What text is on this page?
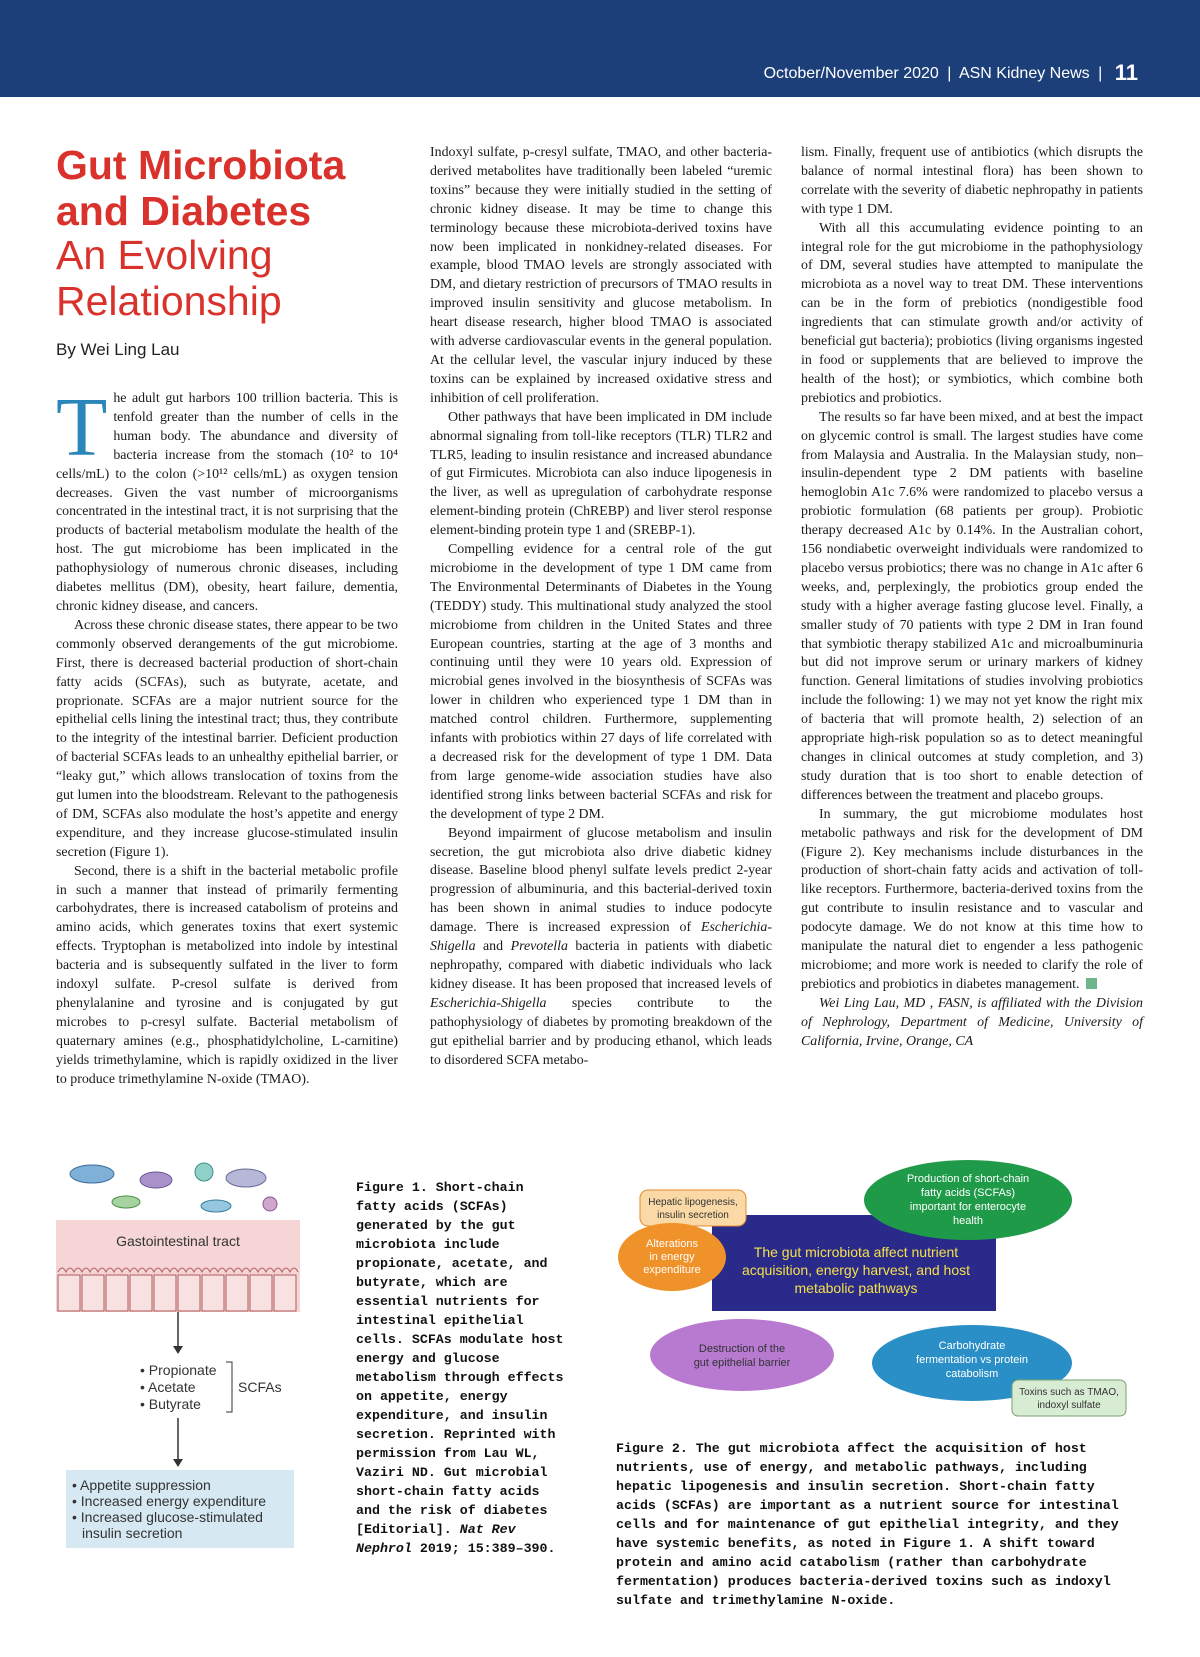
October/November 2020 | ASN Kidney News | 11
Gut Microbiota
and Diabetes
An Evolving
Relationship
By Wei Ling Lau

The adult gut harbors 100 trillion bacteria. This is tenfold greater than the number of cells in the human body. The abundance and diversity of bacteria increase from the stomach (10² to 10⁴ cells/mL) to the colon (>10¹² cells/mL) as oxygen tension decreases. Given the vast number of microorganisms concentrated in the intestinal tract, it is not surprising that the products of bacterial metabolism modulate the health of the host. The gut microbiome has been implicated in the pathophysiology of numerous chronic diseases, including diabetes mellitus (DM), obesity, heart failure, dementia, chronic kidney disease, and cancers.

Across these chronic disease states, there appear to be two commonly observed derangements of the gut microbiome. First, there is decreased bacterial production of short-chain fatty acids (SCFAs), such as butyrate, acetate, and proprionate. SCFAs are a major nutrient source for the epithelial cells lining the intestinal tract; thus, they contribute to the integrity of the intestinal barrier. Deficient production of bacterial SCFAs leads to an unhealthy epithelial barrier, or “leaky gut,” which allows translocation of toxins from the gut lumen into the bloodstream. Relevant to the pathogenesis of DM, SCFAs also modulate the host’s appetite and energy expenditure, and they increase glucose-stimulated insulin secretion (Figure 1).

Second, there is a shift in the bacterial metabolic profile in such a manner that instead of primarily fermenting carbohydrates, there is increased catabolism of proteins and amino acids, which generates toxins that exert systemic effects. Tryptophan is metabolized into indole by intestinal bacteria and is subsequently sulfated in the liver to form indoxyl sulfate. P-cresol sulfate is derived from phenylalanine and tyrosine and is conjugated by gut microbes to p-cresyl sulfate. Bacterial metabolism of quaternary amines (e.g., phosphatidylcholine, L-carnitine) yields trimethylamine, which is rapidly oxidized in the liver to produce trimethylamine N-oxide (TMAO).

Indoxyl sulfate, p-cresyl sulfate, TMAO, and other bacteria-derived metabolites have traditionally been labeled “uremic toxins” because they were initially studied in the setting of chronic kidney disease. It may be time to change this terminology because these microbiota-derived toxins have now been implicated in nonkidney-related diseases. For example, blood TMAO levels are strongly associated with DM, and dietary restriction of precursors of TMAO results in improved insulin sensitivity and glucose metabolism. In heart disease research, higher blood TMAO is associated with adverse cardiovascular events in the general population. At the cellular level, the vascular injury induced by these toxins can be explained by increased oxidative stress and inhibition of cell proliferation.

Other pathways that have been implicated in DM include abnormal signaling from toll-like receptors (TLR) TLR2 and TLR5, leading to insulin resistance and increased abundance of gut Firmicutes. Microbiota can also induce lipogenesis in the liver, as well as upregulation of carbohydrate response element-binding protein (ChREBP) and liver sterol response element-binding protein type 1 and (SREBP-1).

Compelling evidence for a central role of the gut microbiome in the development of type 1 DM came from The Environmental Determinants of Diabetes in the Young (TEDDY) study. This multinational study analyzed the stool microbiome from children in the United States and three European countries, starting at the age of 3 months and continuing until they were 10 years old. Expression of microbial genes involved in the biosynthesis of SCFAs was lower in children who experienced type 1 DM than in matched control children. Furthermore, supplementing infants with probiotics within 27 days of life correlated with a decreased risk for the development of type 1 DM. Data from large genome-wide association studies have also identified strong links between bacterial SCFAs and risk for the development of type 2 DM.

Beyond impairment of glucose metabolism and insulin secretion, the gut microbiota also drive diabetic kidney disease. Baseline blood phenyl sulfate levels predict 2-year progression of albuminuria, and this bacterial-derived toxin has been shown in animal studies to induce podocyte damage. There is increased expression of Escherichia-Shigella and Prevotella bacteria in patients with diabetic nephropathy, compared with diabetic individuals who lack kidney disease. It has been proposed that increased levels of Escherichia-Shigella species contribute to the pathophysiology of diabetes by promoting breakdown of the gut epithelial barrier and by producing ethanol, which leads to disordered SCFA metabo-

lism. Finally, frequent use of antibiotics (which disrupts the balance of normal intestinal flora) has been shown to correlate with the severity of diabetic nephropathy in patients with type 1 DM.

With all this accumulating evidence pointing to an integral role for the gut microbiome in the pathophysiology of DM, several studies have attempted to manipulate the microbiota as a novel way to treat DM. These interventions can be in the form of prebiotics (nondigestible food ingredients that can stimulate growth and/or activity of beneficial gut bacteria); probiotics (living organisms ingested in food or supplements that are believed to improve the health of the host); or symbiotics, which combine both prebiotics and probiotics.

The results so far have been mixed, and at best the impact on glycemic control is small. The largest studies have come from Malaysia and Australia. In the Malaysian study, non–insulin-dependent type 2 DM patients with baseline hemoglobin A1c 7.6% were randomized to placebo versus a probiotic formulation (68 patients per group). Probiotic therapy decreased A1c by 0.14%. In the Australian cohort, 156 nondiabetic overweight individuals were randomized to placebo versus probiotics; there was no change in A1c after 6 weeks, and, perplexingly, the probiotics group ended the study with a higher average fasting glucose level. Finally, a smaller study of 70 patients with type 2 DM in Iran found that symbiotic therapy stabilized A1c and microalbuminuria but did not improve serum or urinary markers of kidney function. General limitations of studies involving probiotics include the following: 1) we may not yet know the right mix of bacteria that will promote health, 2) selection of an appropriate high-risk population so as to detect meaningful changes in clinical outcomes at study completion, and 3) study duration that is too short to enable detection of differences between the treatment and placebo groups.

In summary, the gut microbiome modulates host metabolic pathways and risk for the development of DM (Figure 2). Key mechanisms include disturbances in the production of short-chain fatty acids and activation of toll-like receptors. Furthermore, bacteria-derived toxins from the gut contribute to insulin resistance and to vascular and podocyte damage. We do not know at this time how to manipulate the natural diet to engender a less pathogenic microbiome; and more work is needed to clarify the role of prebiotics and probiotics in diabetes management.

Wei Ling Lau, MD , FASN, is affiliated with the Division of Nephrology, Department of Medicine, University of California, Irvine, Orange, CA

Gastointestinal tract
• Propionate
• Acetate
• Butyrate
SCFAs
• Appetite suppression
• Increased energy expenditure
• Increased glucose-stimulated
insulin secretion
Figure 1. Short-chain fatty acids (SCFAs) generated by the gut microbiota include propionate, acetate, and butyrate, which are essential nutrients for intestinal epithelial cells. SCFAs modulate host energy and glucose metabolism through effects on appetite, energy expenditure, and insulin secretion. Reprinted with permission from Lau WL, Vaziri ND. Gut microbial short-chain fatty acids and the risk of diabetes [Editorial]. Nat Rev Nephrol 2019; 15:389–390.
The gut microbiota affect nutrient
acquisition, energy harvest, and host
metabolic pathways
Hepatic lipogenesis,
insulin secretion
Alterations
in energy
expenditure
Production of short-chain
fatty acids (SCFAs)
important for enterocyte
health
Destruction of the
gut epithelial barrier
Carbohydrate
fermentation vs protein
catabolism
Toxins such as TMAO,
indoxyl sulfate
Figure 2. The gut microbiota affect the acquisition of host nutrients, use of energy, and metabolic pathways, including hepatic lipogenesis and insulin secretion. Short-chain fatty acids (SCFAs) are important as a nutrient source for intestinal cells and for maintenance of gut epithelial integrity, and they have systemic benefits, as noted in Figure 1. A shift toward protein and amino acid catabolism (rather than carbohydrate fermentation) produces bacteria-derived toxins such as indoxyl sulfate and trimethylamine N-oxide.
